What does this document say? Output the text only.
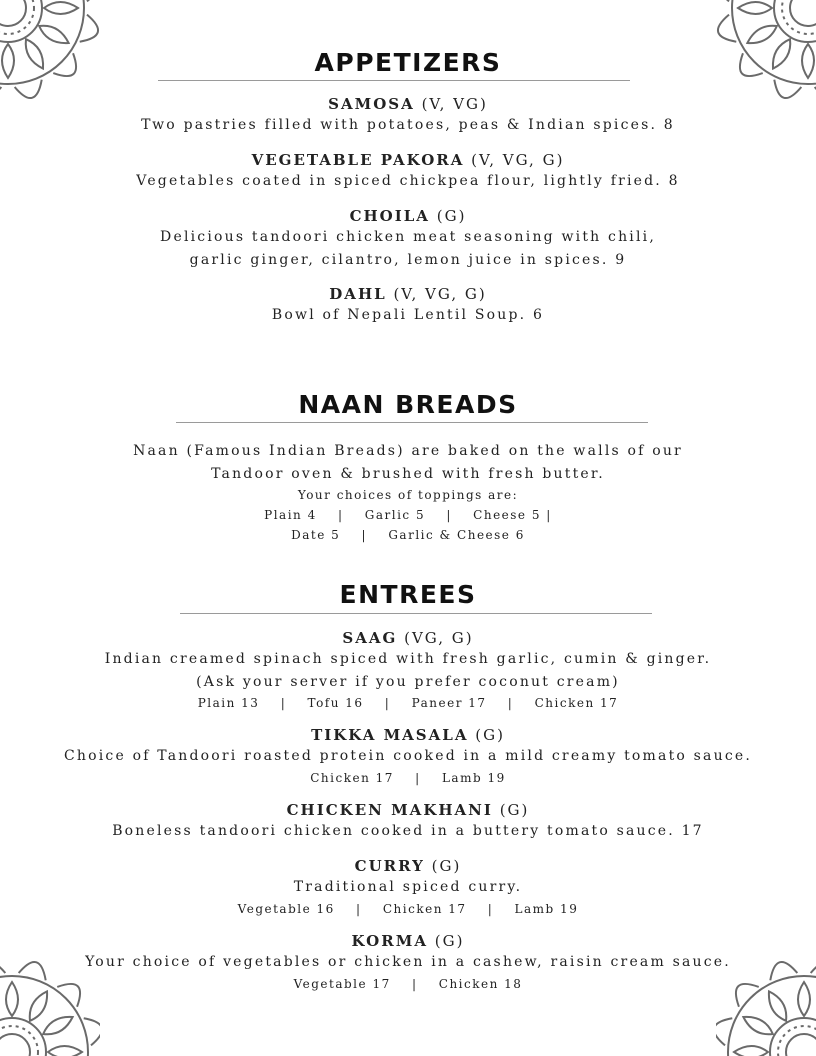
APPETIZERS
SAMOSA (V, VG)
Two pastries filled with potatoes, peas & Indian spices. 8
VEGETABLE PAKORA (V, VG, G)
Vegetables coated in spiced chickpea flour, lightly fried. 8
CHOILA (G)
Delicious tandoori chicken meat seasoning with chili,
garlic ginger, cilantro, lemon juice in spices. 9
DAHL (V, VG, G)
Bowl of Nepali Lentil Soup. 6
NAAN BREADS
Naan (Famous Indian Breads) are baked on the walls of our
Tandoor oven & brushed with fresh butter.
Your choices of toppings are:
Plain 4    |    Garlic 5    |    Cheese 5 |
Date 5    |    Garlic & Cheese 6
ENTREES
SAAG (VG, G)
Indian creamed spinach spiced with fresh garlic, cumin & ginger.
(Ask your server if you prefer coconut cream)
Plain 13    |    Tofu 16    |    Paneer 17    |    Chicken 17
TIKKA MASALA (G)
Choice of Tandoori roasted protein cooked in a mild creamy tomato sauce.
Chicken 17    |    Lamb 19
CHICKEN MAKHANI (G)
Boneless tandoori chicken cooked in a buttery tomato sauce. 17
CURRY (G)
Traditional spiced curry.
Vegetable 16    |    Chicken 17    |    Lamb 19
KORMA (G)
Your choice of vegetables or chicken in a cashew, raisin cream sauce.
Vegetable 17    |    Chicken 18
